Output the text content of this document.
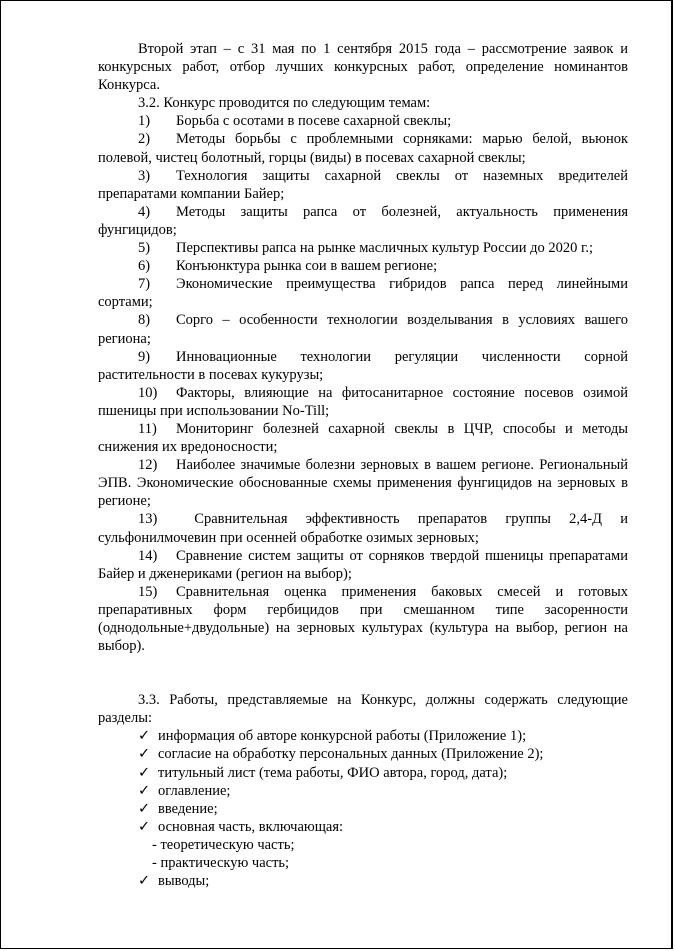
Второй этап – с 31 мая по 1 сентября 2015 года – рассмотрение заявок и конкурсных работ, отбор лучших конкурсных работ, определение номинантов Конкурса.

3.2. Конкурс проводится по следующим темам:

1) Борьба с осотами в посеве сахарной свеклы;

2) Методы борьбы с проблемными сорняками: марью белой, вьюнок полевой, чистец болотный, горцы (виды) в посевах сахарной свеклы;

3) Технология защиты сахарной свеклы от наземных вредителей препаратами компании Байер;

4) Методы защиты рапса от болезней, актуальность применения фунгицидов;

5) Перспективы рапса на рынке масличных культур России до 2020 г.;

6) Конъюнктура рынка сои в вашем регионе;

7) Экономические преимущества гибридов рапса перед линейными сортами;

8) Сорго – особенности технологии возделывания в условиях вашего региона;

9) Инновационные технологии регуляции численности сорной растительности в посевах кукурузы;

10) Факторы, влияющие на фитосанитарное состояние посевов озимой пшеницы при использовании No-Till;

11) Мониторинг болезней сахарной свеклы в ЦЧР, способы и методы снижения их вредоносности;

12) Наиболее значимые болезни зерновых в вашем регионе. Региональный ЭПВ. Экономические обоснованные схемы применения фунгицидов на зерновых в регионе;

13) Сравнительная эффективность препаратов группы 2,4-Д и сульфонилмочевин при осенней обработке озимых зерновых;

14) Сравнение систем защиты от сорняков твердой пшеницы препаратами Байер и дженериками (регион на выбор);

15) Сравнительная оценка применения баковых смесей и готовых препаративных форм гербицидов при смешанном типе засоренности (однодольные+двудольные) на зерновых культурах (культура на выбор, регион на выбор).

3.3. Работы, представляемые на Конкурс, должны содержать следующие разделы:

✓ информация об авторе конкурсной работы (Приложение 1);
✓ согласие на обработку персональных данных (Приложение 2);
✓ титульный лист (тема работы, ФИО автора, город, дата);
✓ оглавление;
✓ введение;
✓ основная часть, включающая:
- теоретическую часть;
- практическую часть;
✓ выводы;
